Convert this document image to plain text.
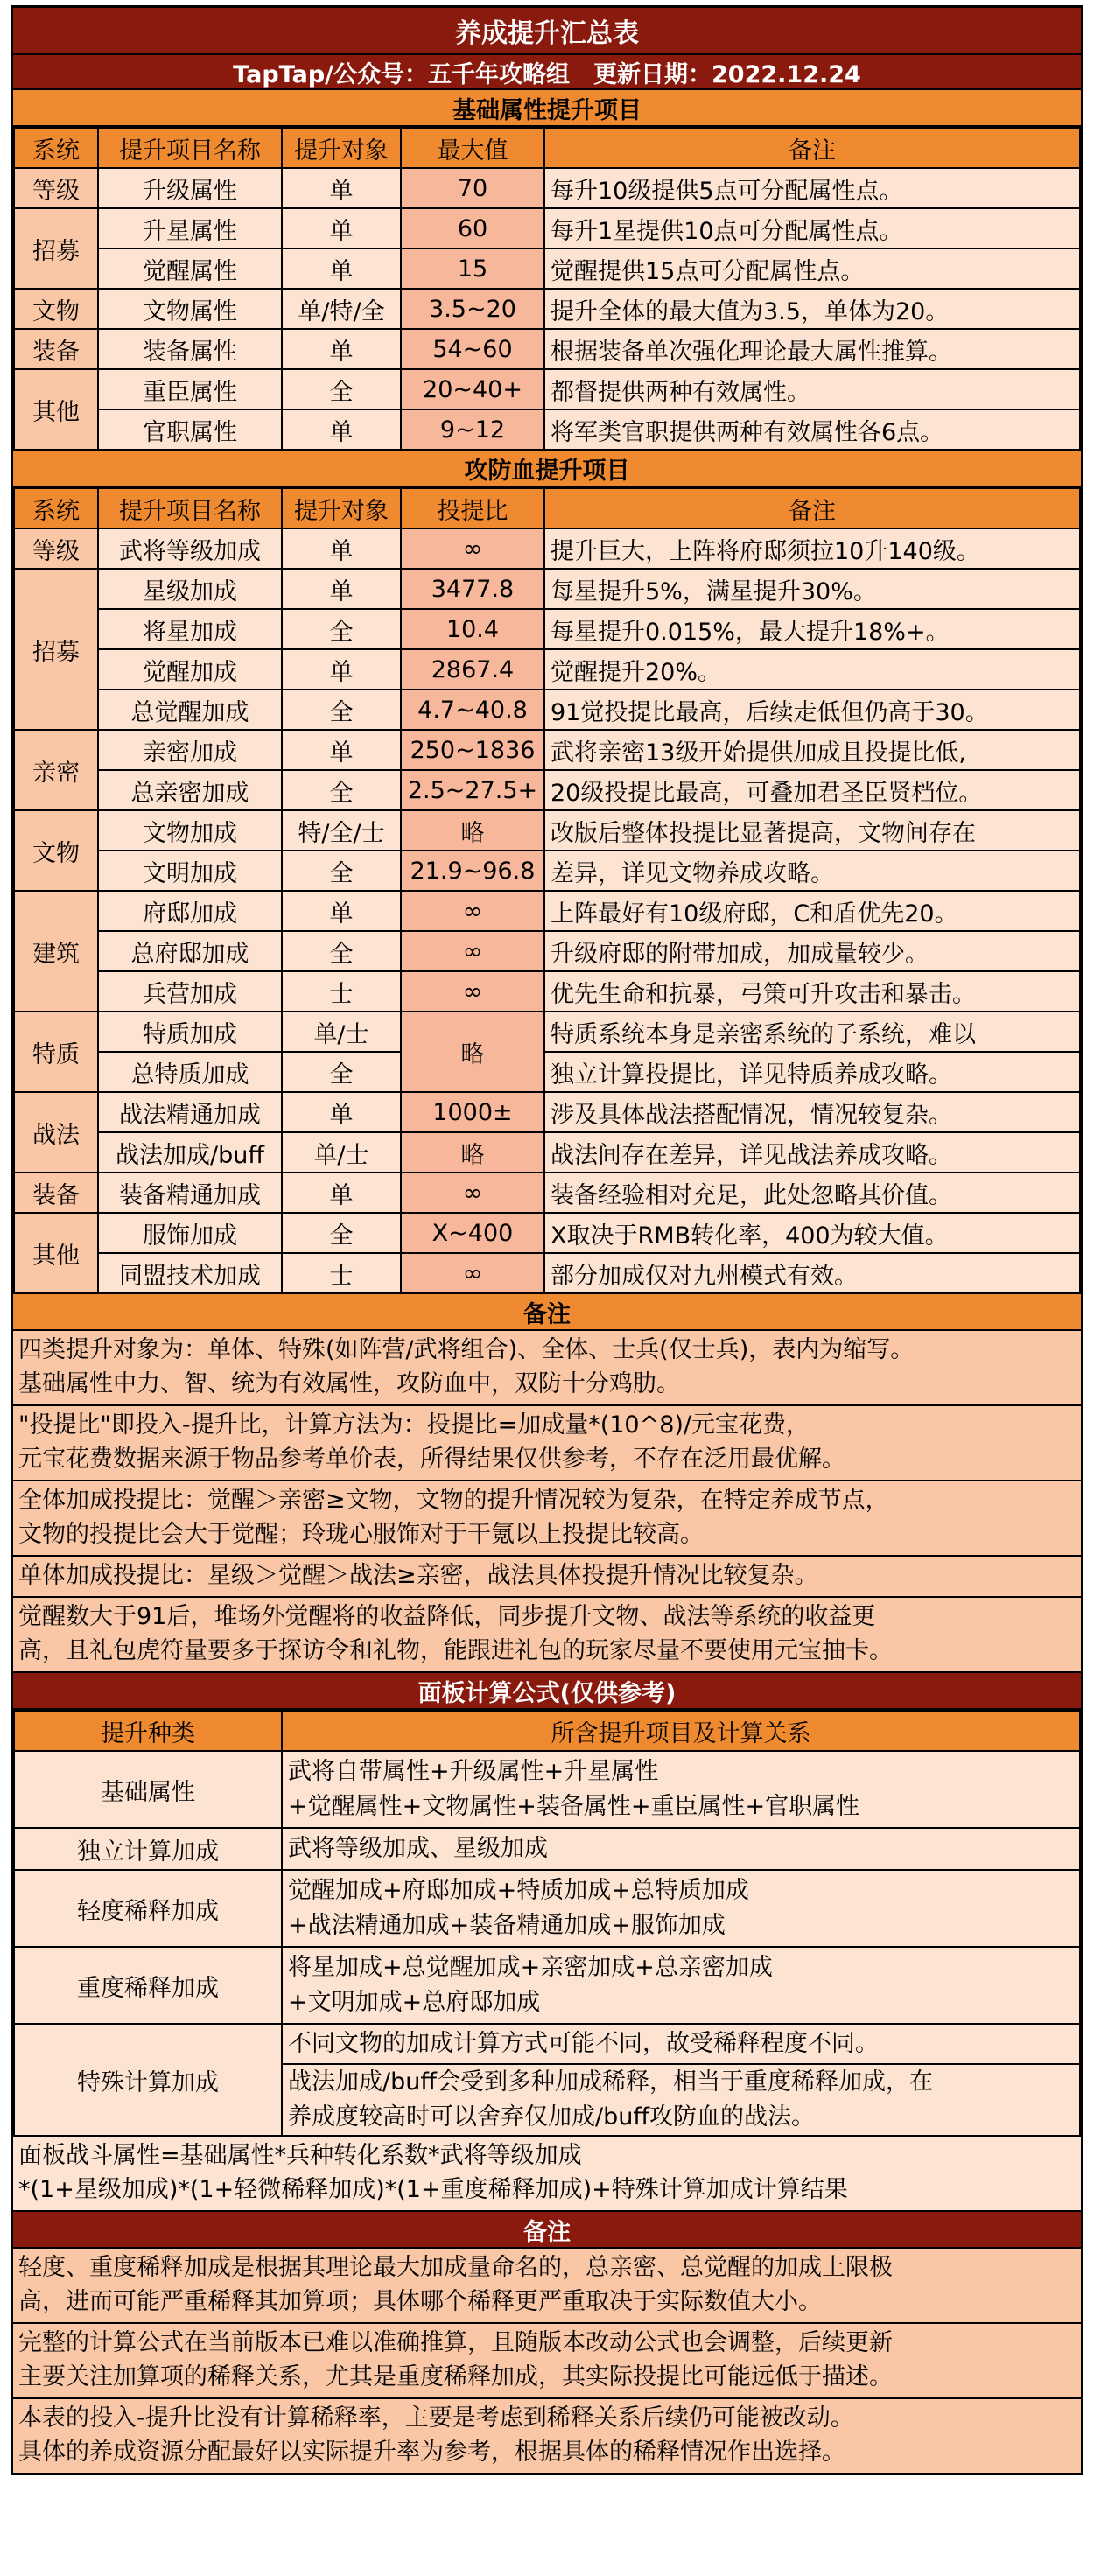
养成提升汇总表
TapTap/公众号：五千年攻略组　更新日期：2022.12.24
基础属性提升项目
系统	提升项目名称	提升对象	最大值	备注
等级	升级属性	单	70	每升10级提供5点可分配属性点。
招募	升星属性	单	60	每升1星提供10点可分配属性点。
	觉醒属性	单	15	觉醒提供15点可分配属性点。
文物	文物属性	单/特/全	3.5~20	提升全体的最大值为3.5，单体为20。
装备	装备属性	单	54~60	根据装备单次强化理论最大属性推算。
其他	重臣属性	全	20~40+	都督提供两种有效属性。
	官职属性	单	9~12	将军类官职提供两种有效属性各6点。
攻防血提升项目
系统	提升项目名称	提升对象	投提比	备注
等级	武将等级加成	单	∞	提升巨大，上阵将府邸须拉10升140级。
招募	星级加成	单	3477.8	每星提升5%，满星提升30%。
	将星加成	全	10.4	每星提升0.015%，最大提升18%+。
	觉醒加成	单	2867.4	觉醒提升20%。
	总觉醒加成	全	4.7~40.8	91觉投提比最高，后续走低但仍高于30。
亲密	亲密加成	单	250~1836	武将亲密13级开始提供加成且投提比低,
	总亲密加成	全	2.5~27.5+	20级投提比最高，可叠加君圣臣贤档位。
文物	文物加成	特/全/士	略	改版后整体投提比显著提高，文物间存在
	文明加成	全	21.9~96.8	差异，详见文物养成攻略。
建筑	府邸加成	单	∞	上阵最好有10级府邸，C和盾优先20。
	总府邸加成	全	∞	升级府邸的附带加成，加成量较少。
	兵营加成	士	∞	优先生命和抗暴，弓策可升攻击和暴击。
特质	特质加成	单/士	略	特质系统本身是亲密系统的子系统，难以
	总特质加成	全		独立计算投提比，详见特质养成攻略。
战法	战法精通加成	单	1000±	涉及具体战法搭配情况，情况较复杂。
	战法加成/buff	单/士	略	战法间存在差异，详见战法养成攻略。
装备	装备精通加成	单	∞	装备经验相对充足，此处忽略其价值。
其他	服饰加成	全	X~400	X取决于RMB转化率，400为较大值。
	同盟技术加成	士	∞	部分加成仅对九州模式有效。
备注
四类提升对象为：单体、特殊(如阵营/武将组合)、全体、士兵(仅士兵)，表内为缩写。
基础属性中力、智、统为有效属性，攻防血中，双防十分鸡肋。
"投提比"即投入-提升比，计算方法为：投提比=加成量*(10^8)/元宝花费，
元宝花费数据来源于物品参考单价表，所得结果仅供参考，不存在泛用最优解。
全体加成投提比：觉醒＞亲密≥文物，文物的提升情况较为复杂，在特定养成节点，
文物的投提比会大于觉醒；玲珑心服饰对于干氪以上投提比较高。
单体加成投提比：星级＞觉醒＞战法≥亲密，战法具体投提升情况比较复杂。
觉醒数大于91后，堆场外觉醒将的收益降低，同步提升文物、战法等系统的收益更
高，且礼包虎符量要多于探访令和礼物，能跟进礼包的玩家尽量不要使用元宝抽卡。
面板计算公式(仅供参考)
提升种类	所含提升项目及计算关系
基础属性	武将自带属性+升级属性+升星属性
+觉醒属性+文物属性+装备属性+重臣属性+官职属性

独立计算加成	武将等级加成、星级加成

轻度稀释加成	觉醒加成+府邸加成+特质加成+总特质加成
+战法精通加成+装备精通加成+服饰加成

重度稀释加成	将星加成+总觉醒加成+亲密加成+总亲密加成
+文明加成+总府邸加成

特殊计算加成	不同文物的加成计算方式可能不同，故受稀释程度不同。
战法加成/buff会受到多种加成稀释，相当于重度稀释加成，在
养成度较高时可以舍弃仅加成/buff攻防血的战法。
面板战斗属性=基础属性*兵种转化系数*武将等级加成
*(1+星级加成)*(1+轻微稀释加成)*(1+重度稀释加成)+特殊计算加成计算结果
备注
轻度、重度稀释加成是根据其理论最大加成量命名的，总亲密、总觉醒的加成上限极
高，进而可能严重稀释其加算项；具体哪个稀释更严重取决于实际数值大小。
完整的计算公式在当前版本已难以准确推算，且随版本改动公式也会调整，后续更新
主要关注加算项的稀释关系，尤其是重度稀释加成，其实际投提比可能远低于描述。
本表的投入-提升比没有计算稀释率，主要是考虑到稀释关系后续仍可能被改动。
具体的养成资源分配最好以实际提升率为参考，根据具体的稀释情况作出选择。
